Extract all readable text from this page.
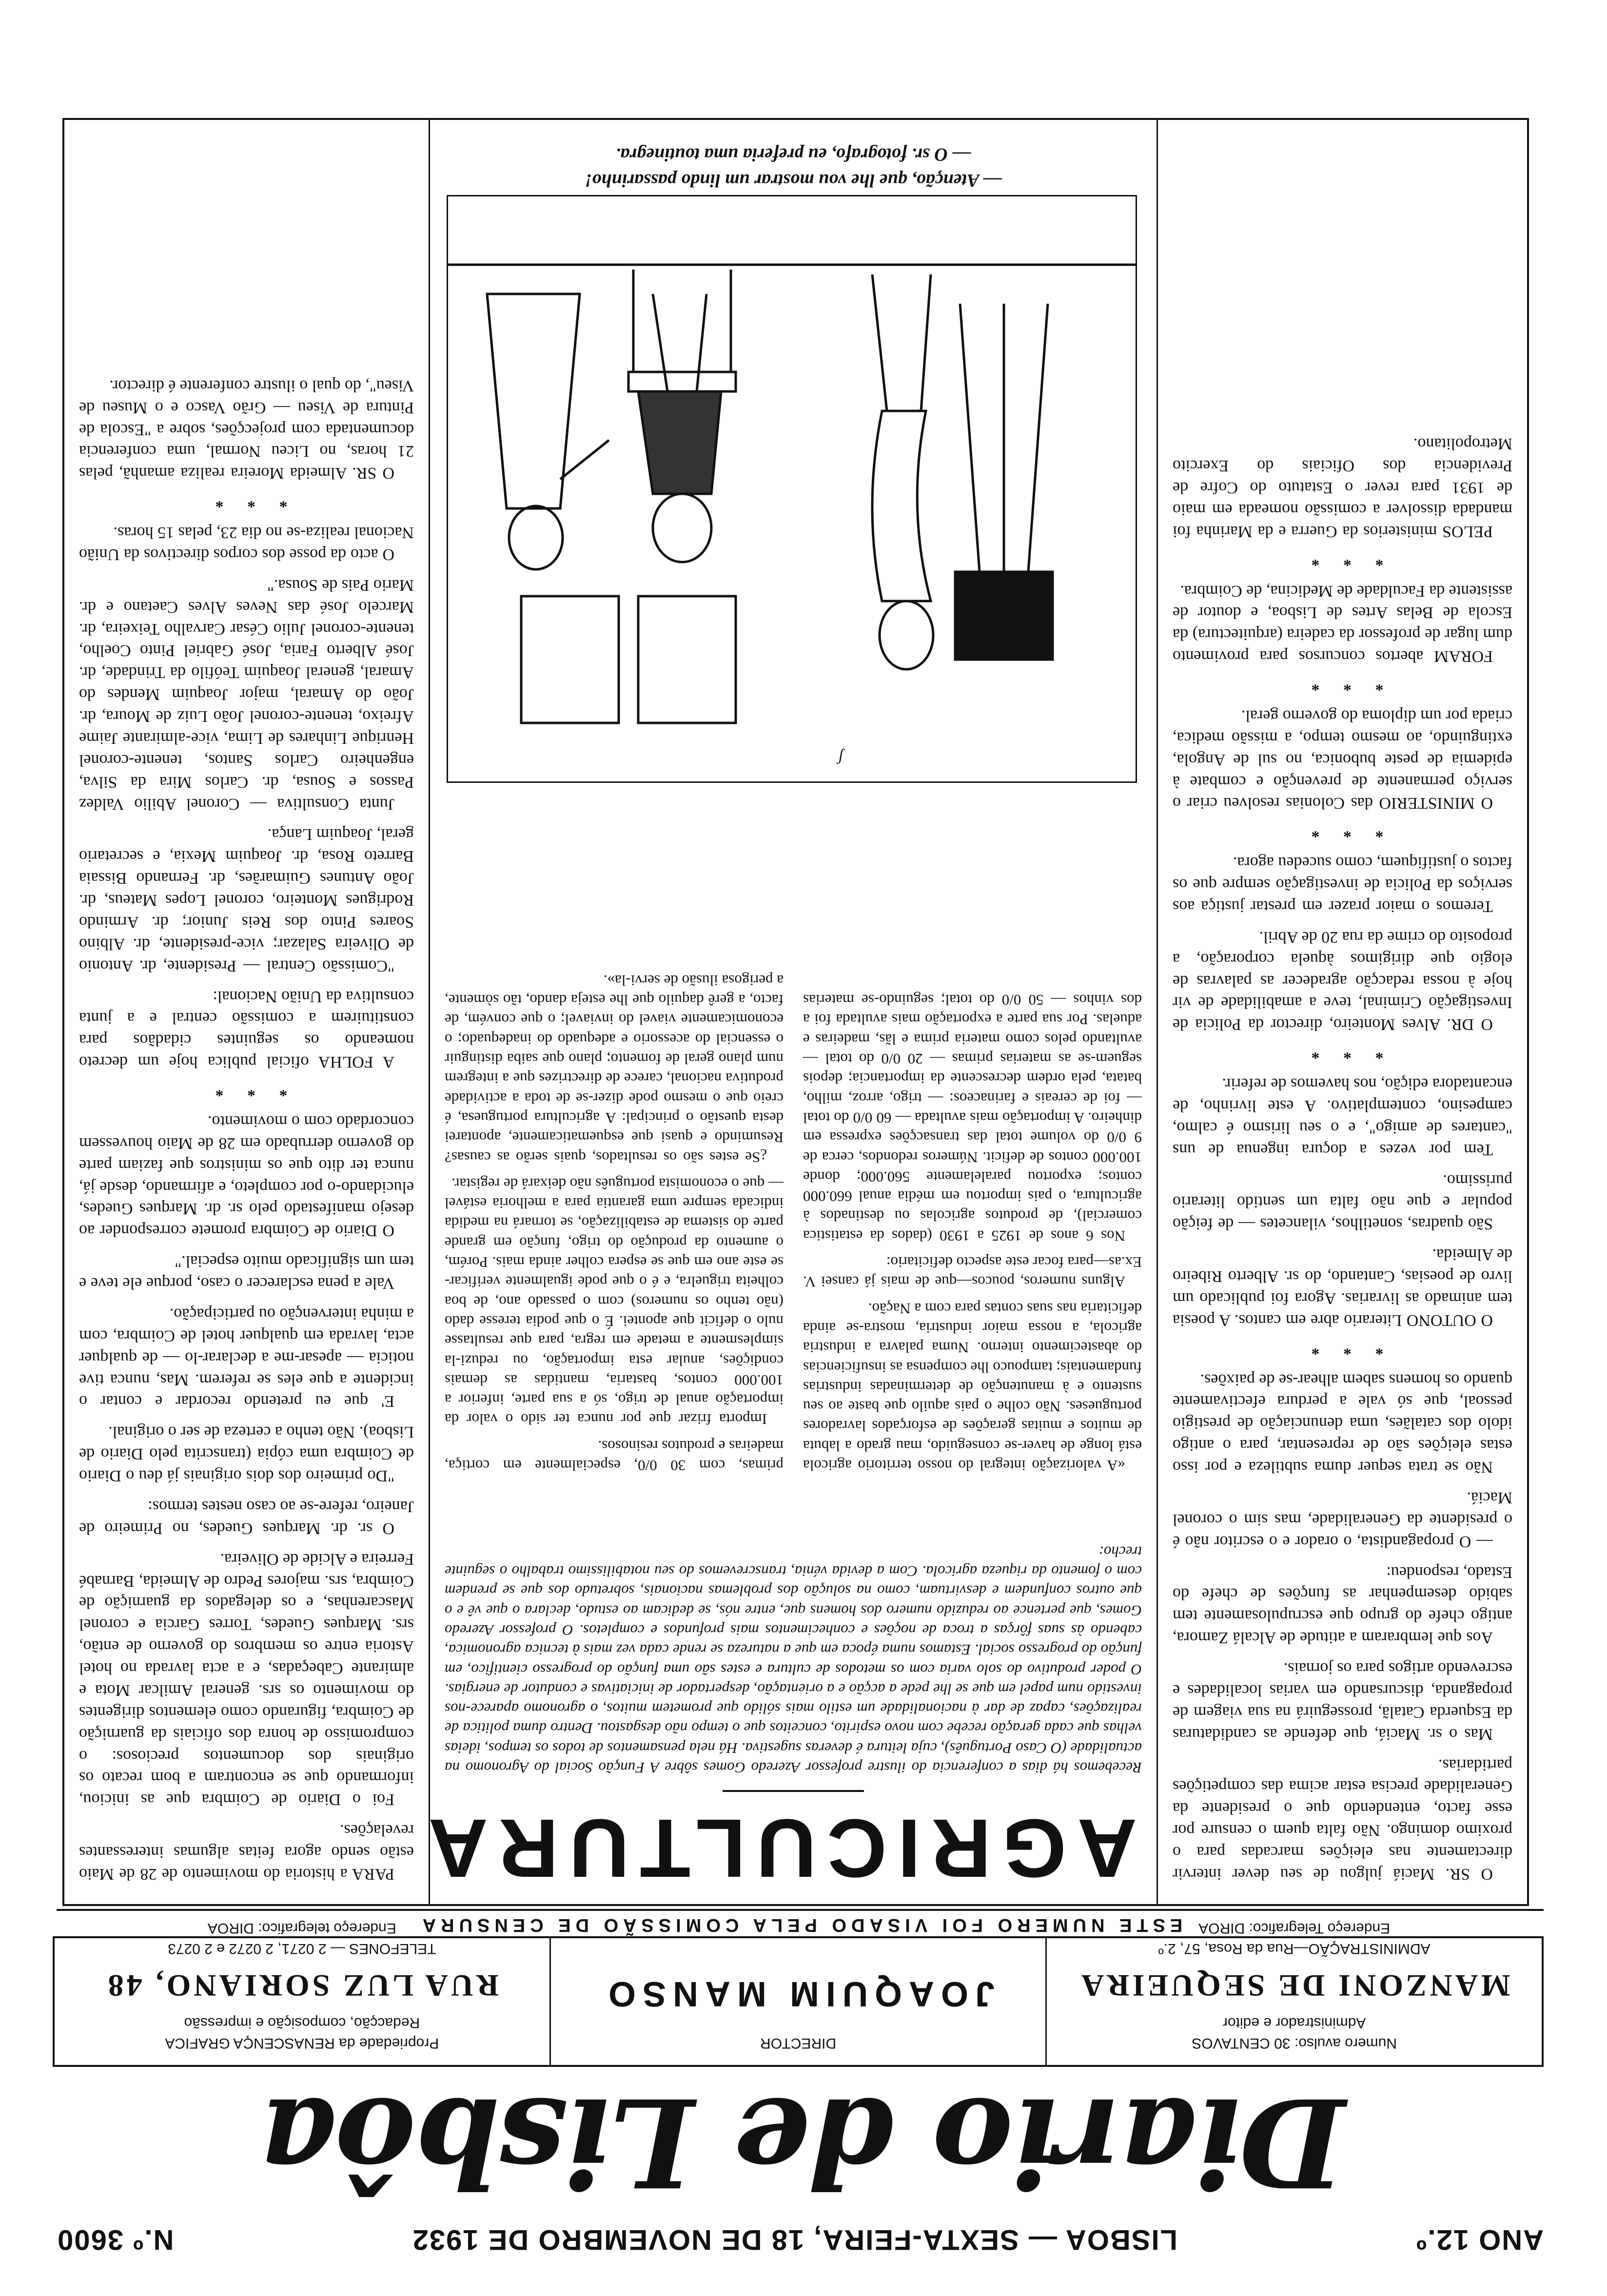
ANO 12.º
LISBOA — SEXTA-FEIRA, 18 DE NOVEMBRO DE 1932
N.º 3600
Diario de Lisbôa
Numero avulso: 30 CENTAVOS
Administrador e editor
MANZONI DE SEQUEIRA
ADMINISTRAÇÃO—Rua da Rosa, 57, 2.º
Endereço Telegrafico: DIROA
DIRECTOR
JOAQUIM MANSO
Propriedade da RENASCENÇA GRAFICA
Redacção, composição e impressão
RUA LUZ SORIANO, 48
TELEFONES — 2 0271, 2 0272 e 2 0273
Endereço telegrafico: DIROA	ESTE NUMERO FOI VISADO PELA COMISSÃO DE CENSURA

O SR. Maciá julgou de seu dever intervir directamente nas eleições marcadas para o proximo domingo. Não falta quem o censure por esse facto, entendendo que o presidente da Generalidade precisa estar acima das competições partidarias.

Mas o sr. Maciá, que defende as candidaturas da Esquerda Catalã, prosseguirá na sua viagem de propaganda, discursando em varias localidades e escrevendo artigos para os jornais.

Aos que lembraram a atitude de Alcalá Zamora, antigo chefe do grupo que escrupulosamente tem sabido desempenhar as funções de chefe do Estado, respondeu:

— O propagandista, o orador e o escritor não é o presidente da Generalidade, mas sim o coronel Maciá.

Não se trata sequer duma subtileza e por isso estas eleições são de representar, para o antigo idolo dos catalães, uma denunciação de prestigio pessoal, que só vale a perdura efectivamente quando os homens sabem alhear-se de paixões.

* * *

O OUTONO Literario abre em cantos. A poesia tem animado as livrarias. Agora foi publicado um livro de poesias, Cantando, do sr. Alberto Ribeiro de Almeida.

São quadras, sonetilhos, vilancetes — de feição popular e que não falta um sentido literario purissimo.

Tem por vezes a doçura ingenua de uns "cantares de amigo", e o seu lirismo é calmo, campesino, contemplativo. A este livrinho, de encantadora edição, nos havemos de referir.

* * *

O DR. Alves Monteiro, director da Policia de Investigação Criminal, teve a amabilidade de vir hoje à nossa redacção agradecer as palavras de elogio que dirigimos àquela corporação, a proposito do crime da rua 20 de Abril.

Teremos o maior prazer em prestar justiça aos serviços da Policia de investigação sempre que os factos o justifiquem, como sucedeu agora.

* * *

O MINISTERIO das Colonias resolveu criar o serviço permanente de prevenção e combate à epidemia de peste bubonica, no sul de Angola, extinguindo, ao mesmo tempo, a missão medica, criada por um diploma do governo geral.

* * *

FORAM abertos concursos para provimento dum lugar de professor da cadeira (arquitectura) da Escola de Belas Artes de Lisboa, e doutor de assistente da Faculdade de Medicina, de Coimbra.

* * *

PELOS ministerios da Guerra e da Marinha foi mandada dissolver a comissão nomeada em maio de 1931 para rever o Estatuto do Cofre de Previdencia dos Oficiais do Exercito Metropolitano.

AGRICULTURA
Recebemos há dias a conferencia do ilustre professor Azeredo Gomes sôbre A Função Social do Agronomo na actualidade (O Caso Português), cuja leitura é deveras sugestiva. Há nela pensamentos de todos os tempos, ideias velhas que cada geração recebe com novo espirito, conceitos que o tempo não desgastou. Dentro duma politica de realizações, capaz de dar à nacionalidade um estilo mais sólido que prometem muitos, o agronomo aparece-nos investido num papel em que se lhe pede a acção e a orientação, despertador de iniciativas e condutor de energias. O poder produtivo do solo varia com os metodos de cultura e estes são uma função do progresso cientifico, em função do progresso social. Estamos numa época em que a natureza se rende cada vez mais à tecnica agronomica, cabendo às suas fôrças a troca de noções e conhecimentos mais profundos e completos. O professor Azeredo Gomes, que pertence ao reduzido numero dos homens que, entre nós, se dedicam ao estudo, declara o que vê e o que outros confundem e desvirtuam, como na solução dos problemas nacionais, sobretudo dos que se prendem com o fomento da riqueza agricola. Com a devida vénia, transcrevemos do seu notabilissimo trabalho o seguinte trecho:

«A valorização integral do nosso territorio agricola está longe de haver-se conseguido, mau grado a labuta de muitos e muitas gerações de esforçados lavradores portugueses. Não colhe o pais aquilo que baste ao seu sustento e à manutenção de determinadas industrias fundamentais; tampouco lhe compensa as insuficiencias do abastecimento interno. Numa palavra a industria agricola, a nossa maior industria, mostra-se ainda deficitaria nas suas contas para com a Nação.

Alguns numeros, poucos—que de mais já cansei V. Ex.as—para focar este aspecto deficitario:

Nos 6 anos de 1925 a 1930 (dados da estatistica comercial), de produtos agricolas ou destinados à agricultura, o pais importou em média anual 660.000 contos; exportou paralelamente 560.000; donde 100.000 contos de deficit. Números redondos, cerca de 9 0/0 do volume total das transacções expressa em dinheiro. A importação mais avultada — 60 0/0 do total — foi de cereais e farinaceos: — trigo, arroz, milho, batata, pela ordem decrescente da importancia; depois seguem-se as materias primas — 20 0/0 do total — avultando pelos como materia prima e lãs, madeiras e aduelas. Por sua parte a exportação mais avultada foi a dos vinhos — 50 0/0 do total; seguindo-se materias primas, com 30 0/0, especialmente em cortiça, madeiras e produtos resinosos.

Importa frizar que por nunca ter sido o valor da importação anual de trigo, só a sua parte, inferior a 100.000 contos, bastaria, mantidas as demais condições, anular esta importação, ou reduzi-la simplesmente a metade em regra, para que resultasse nulo o deficit que apontei. É o que podia teresse dado (não tenho os numeros) com o passado ano, de boa colheita triguelra, e é o que pode igualmente verificar-se este ano em que se espera colher ainda mais. Porém, o aumento da produção do trigo, função em grande parte do sistema de estabilização, se tornará na medida indicada sempre uma garantia para a melhoria estável — que o economista português não deixará de registar.

¿Se estes são os resultados, quais serão as causas? Resumindo e quasi que esquematicamente, apontarei desta questão o principal: A agricultura portuguesa, é creio que o mesmo pode dizer-se de toda a actividade produtiva nacional, carece de directrizes que a integrem num plano geral de fomento; plano que saiba distinguir o essencial do acessorio e adequado do inadequado; o economicamente viavel do inviavel; o que convém, de facto, a gerê daquilo que lhe esteja dando, tão sòmente, a perigosa ilusão de servi-la».

ʃ
— Atenção, que lhe vou mostrar um lindo passarinho!
— O sr. fotografo, eu preferia uma toutinegra.

PARA a historia do movimento de 28 de Maio estão sendo agora feitas algumas interessantes revelações.

Foi o Diario de Coimbra que as iniciou, informando que se encontram a bom recato os originais dos documentos preciosos: o compromisso de honra dos oficiais da guarnição de Coimbra, figurando como elementos dirigentes do movimento os srs. general Amilcar Mota e almirante Cabeçadas, e a acta lavrada no hotel Astoria entre os membros do governo de então, srs. Marques Guedes, Torres Garcia e coronel Mascarenhas, e os delegados da guarnição de Coimbra, srs. majores Pedro de Almeida, Barnabé Ferreira e Alcide de Oliveira.

O sr. dr. Marques Guedes, no Primeiro de Janeiro, refere-se ao caso nestes termos:

"Do primeiro dos dois originais já deu o Diario de Coimbra uma cópia (transcrita pelo Diario de Lisboa). Não tenho a certeza de ser o original.

E' que eu pretendo recordar e contar o incidente a que eles se referem. Mas, nunca tive noticia — apesar-me a declarar-lo — de qualquer acta, lavrada em qualquer hotel de Coimbra, com a minha intervenção ou participação.

Vale a pena esclarecer o caso, porque ele teve e tem um significado muito especial."

O Diario de Coimbra promete corresponder ao desejo manifestado pelo sr. dr. Marques Guedes, elucidando-o por completo, e afirmando, desde já, nunca ter dito que os ministros que faziam parte do governo derrubado em 28 de Maio houvessem concordado com o movimento.

* * *

A FOLHA oficial publica hoje um decreto nomeando os seguintes cidadãos para constituirem a comissão central e a junta consultiva da União Nacional:

"Comissão Central — Presidente, dr. Antonio de Oliveira Salazar; vice-presidente, dr. Albino Soares Pinto dos Reis Junior; dr. Armindo Rodrigues Monteiro, coronel Lopes Mateus, dr. João Antunes Guimarães, dr. Fernando Bissaia Barreto Rosa, dr. Joaquim Mexia, e secretario geral, Joaquim Lança.

Junta Consultiva — Coronel Abilio Valdez Passos e Sousa, dr. Carlos Mira da Silva, engenheiro Carlos Santos, tenente-coronel Henrique Linhares de Lima, vice-almirante Jaime Afreixo, tenente-coronel João Luiz de Moura, dr. João do Amaral, major Joaquim Mendes do Amaral, general Joaquim Teófilo da Trindade, dr. José Alberto Faria, José Gabriel Pinto Coelho, tenente-coronel Julio César Carvalho Teixeira, dr. Marcelo José das Neves Alves Caetano e dr. Mario Pais de Sousa."

O acto da posse dos corpos directivos da União Nacional realiza-se no dia 23, pelas 15 horas.

* * *

O SR. Almeida Moreira realiza amanhã, pelas 21 horas, no Liceu Normal, uma conferencia documentada com projecções, sobre a "Escola de Pintura de Viseu — Grão Vasco e o Museu de Viseu", do qual o ilustre conferente é director.
